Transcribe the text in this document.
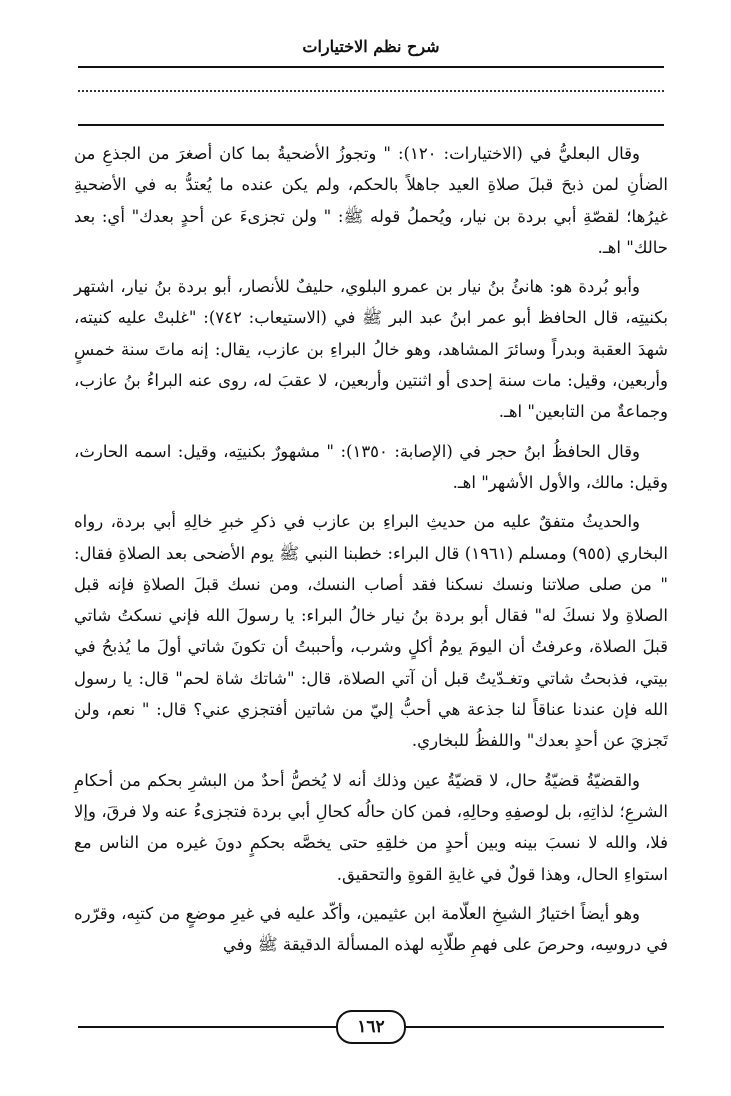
شرح نظم الاختيارات

وقال البعليُّ في (الاختيارات: ١٢٠): " وتجوزُ الأضحيةُ بما كان أصغرَ من الجذعِ من الضأنِ لمن ذبحَ قبلَ صلاةِ العيد جاهلاً بالحكم، ولم يكن عنده ما يُعتدُّ به في الأضحيةِ غيرُها؛ لقصّةِ أبي بردة بن نيار، ويُحملُ قوله ﷺ: " ولن تجزىءَ عن أحدٍ بعدك" أي: بعد حالك" اهـ.

وأبو بُردة هو: هانئُ بنُ نيار بن عمرو البلوي، حليفٌ للأنصار، أبو بردة بنُ نيار، اشتهر بكنيتِه، قال الحافظ أبو عمر ابنُ عبد البر ﷺ في (الاستيعاب: ٧٤٢): "غلبتْ عليه كنيته، شهدَ العقبة وبدراً وسائرَ المشاهد، وهو خالُ البراءِ بن عازب، يقال: إنه ماتَ سنة خمسٍ وأربعين، وقيل: مات سنة إحدى أو اثنتين وأربعين، لا عقبَ له، روى عنه البراءُ بنُ عازب، وجماعةٌ من التابعين" اهـ.

وقال الحافظُ ابنُ حجر في (الإصابة: ١٣٥٠): " مشهورٌ بكنيتِه، وقيل: اسمه الحارث، وقيل: مالك، والأول الأشهر" اهـ.

والحديثُ متفقٌ عليه من حديثِ البراءِ بن عازب في ذكرِ خبرِ خالِهِ أبي بردة، رواه البخاري (٩٥٥) ومسلم (١٩٦١) قال البراء: خطبنا النبي ﷺ يوم الأضحى بعد الصلاةِ فقال: " من صلى صلاتنا ونسك نسكنا فقد أصاب النسك، ومن نسك قبلَ الصلاةِ فإنه قبل الصلاةِ ولا نسكَ له" فقال أبو بردة بنُ نيار خالُ البراء: يا رسولَ الله فإني نسكتُ شاتي قبلَ الصلاة، وعرفتُ أن اليومَ يومُ أكلٍ وشرب، وأحببتُ أن تكونَ شاتي أولَ ما يُذبحُ في بيتي، فذبحتُ شاتي وتغـدّيتُ قبل أن آتي الصلاة، قال: "شاتك شاة لحم" قال: يا رسول الله فإن عندنا عناقاً لنا جذعة هي أحبُّ إليّ من شاتين أفتجزي عني؟ قال: " نعم، ولن تَجزيَ عن أحدٍ بعدك" واللفظُ للبخاري.

والقضيّةُ قضيّةُ حال، لا قضيّةُ عين وذلك أنه لا يُخصُّ أحدٌ من البشرِ بحكم من أحكامِ الشرعِ؛ لذاتِهِ، بل لوصفِهِ وحالِهِ، فمن كان حالُه كحالِ أبي بردة فتجزىءُ عنه ولا فرقَ، وإلا فلا، والله لا نسبَ بينه وبين أحدٍ من خلقِهِ حتى يخصَّه بحكمٍ دونَ غيره من الناس مع استواءِ الحال، وهذا قولٌ في غايةِ القوةِ والتحقيق.

وهو أيضاً اختيارُ الشيخِ العلّامة ابن عثيمين، وأكّد عليه في غيرِ موضعٍ من كتبِه، وقرّره في دروسِه، وحرصَ على فهمِ طلّابِه لهذه المسألة الدقيقة ﷺ وفي

١٦٢
